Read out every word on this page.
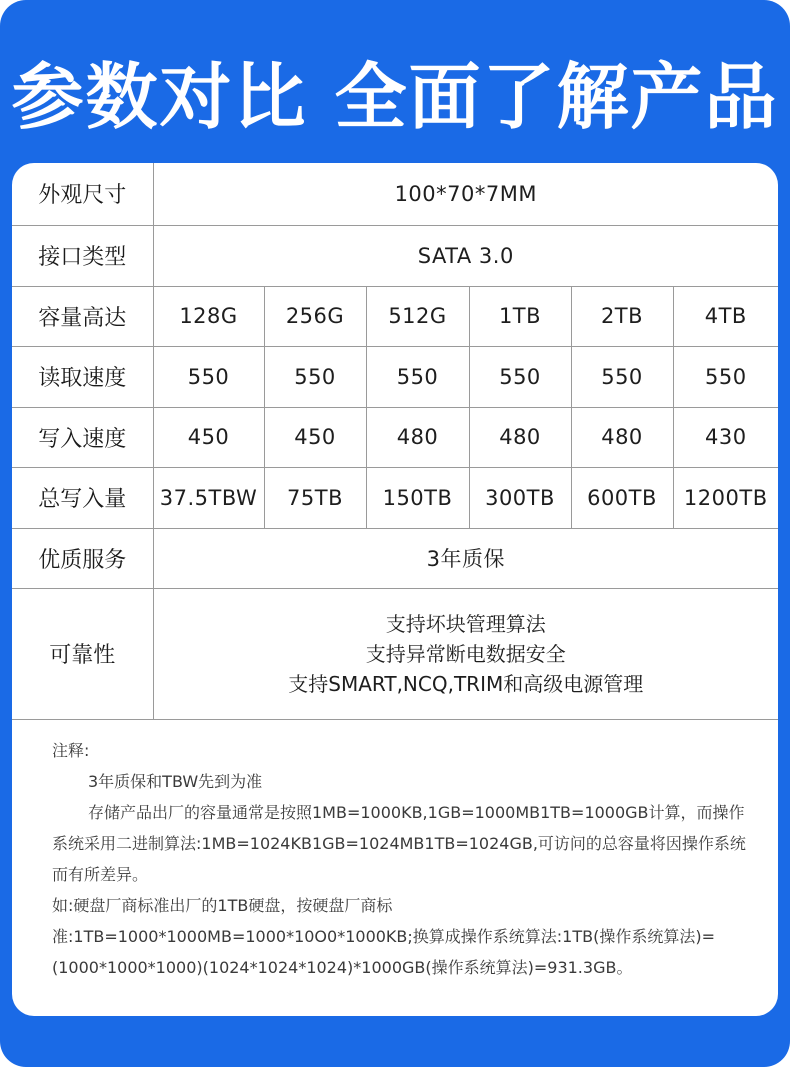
参数对比 全面了解产品
外观尺寸	100*70*7MM					
接口类型	SATA 3.0					
容量高达	128G	256G	512G	1TB	2TB	4TB
读取速度	550	550	550	550	550	550
写入速度	450	450	480	480	480	430
总写入量	37.5TBW	75TB	150TB	300TB	600TB	1200TB
优质服务	3年质保					
可靠性	支持坏块管理算法
支持异常断电数据安全
支持SMART,NCQ,TRIM和高级电源管理					

注释:

3年质保和TBW先到为准

存储产品出厂的容量通常是按照1MB=1000KB,1GB=1000MB1TB=1000GB计算，而操作系统采用二进制算法:1MB=1024KB1GB=1024MB1TB=1024GB,可访问的总容量将因操作系统而有所差异。

如:硬盘厂商标准出厂的1TB硬盘，按硬盘厂商标准:1TB=1000*1000MB=1000*10O0*1000KB;换算成操作系统算法:1TB(操作系统算法)=(1000*1000*1000)(1024*1024*1024)*1000GB(操作系统算法)=931.3GB。
